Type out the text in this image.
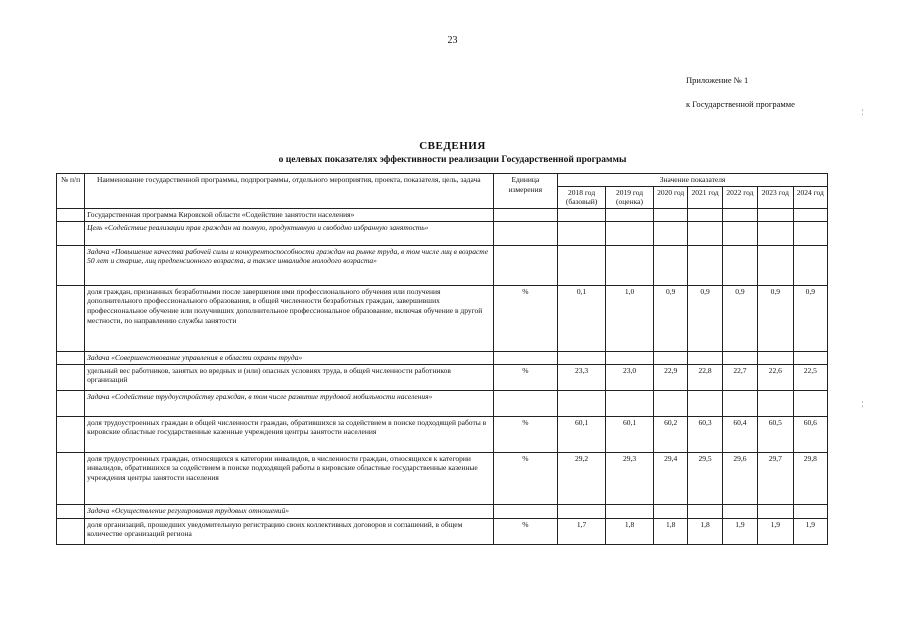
23
Приложение № 1
к Государственной программе
СВЕДЕНИЯ
о целевых показателях эффективности реализации Государственной программы
№ п/п	Наименование государственной программы, подпрограммы, отдельного мероприятия, проекта, показателя, цель, задача	Единица измерения	Значение показателя						
			2018 год (базовый)	2019 год (оценка)	2020 год	2021 год	2022 год	2023 год	2024 год
	Государственная программа Кировской области «Содействие занятости населения»								
	Цель «Содействие реализации прав граждан на полную, продуктивную и свободно избранную занятость»								
	Задача «Повышение качества рабочей силы и конкурентоспособности граждан на рынке труда, в том числе лиц в возрасте 50 лет и старше, лиц предпенсионного возраста, а также инвалидов молодого возраста»								
	доля граждан, признанных безработными после завершения ими профессионального обучения или получения дополнительного профессионального образования, в общей численности безработных граждан, завершивших профессиональное обучение или получивших дополнительное профессиональное образование, включая обучение в другой местности, по направлению службы занятости	%	0,1	1,0	0,9	0,9	0,9	0,9	0,9
	Задача «Совершенствование управления в области охраны труда»								
	удельный вес работников, занятых во вредных и (или) опасных условиях труда, в общей численности работников организаций	%	23,3	23,0	22,9	22,8	22,7	22,6	22,5
	Задача «Содействие трудоустройству граждан, в том числе развитие трудовой мобильности населения»								
	доля трудоустроенных граждан в общей численности граждан, обратившихся за содействием в поиске подходящей работы в кировские областные государственные казенные учреждения центры занятости населения	%	60,1	60,1	60,2	60,3	60,4	60,5	60,6
	доля трудоустроенных граждан, относящихся к категории инвалидов, в численности граждан, относящихся к категории инвалидов, обратившихся за содействием в поиске подходящей работы в кировские областные государственные казенные учреждения центры занятости населения	%	29,2	29,3	29,4	29,5	29,6	29,7	29,8
	Задача «Осуществление регулирования трудовых отношений»								
	доля организаций, прошедших уведомительную регистрацию своих коллективных договоров и соглашений, в общем количестве организаций региона	%	1,7	1,8	1,8	1,8	1,9	1,9	1,9
¦
¦
